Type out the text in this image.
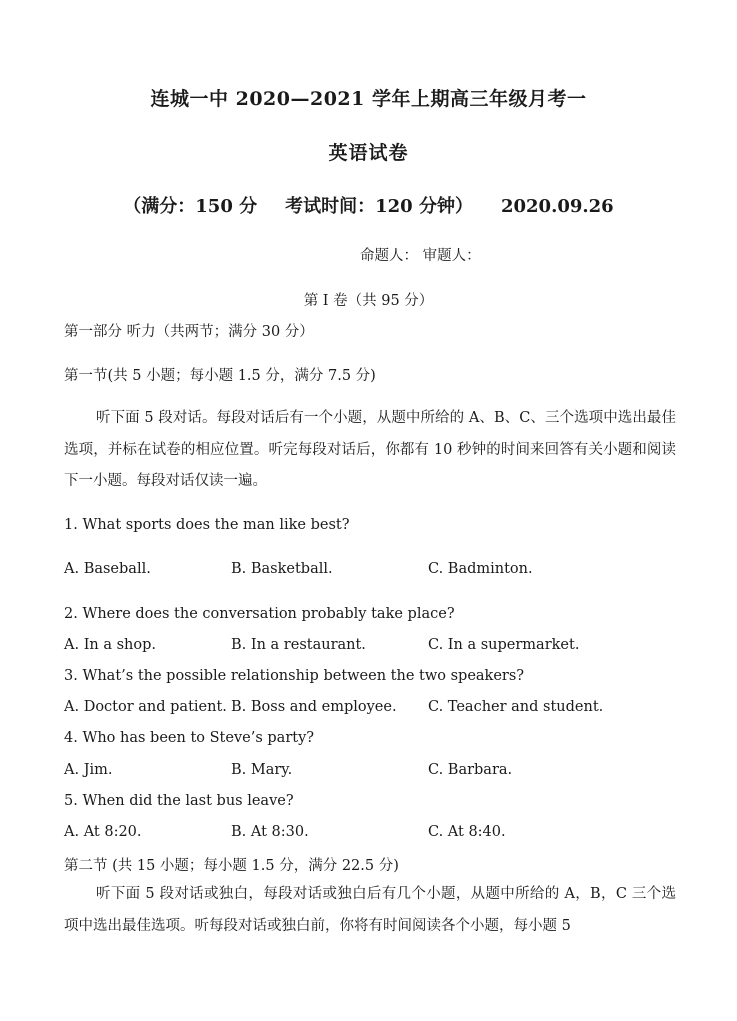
连城一中 2020—2021 学年上期高三年级月考一
英语试卷
（满分：150 分 考试时间：120 分钟） 2020.09.26
命题人： 审题人：
第 I 卷（共 95 分）
第一部分 听力（共两节；满分 30 分）
第一节(共 5 小题；每小题 1.5 分，满分 7.5 分)
听下面 5 段对话。每段对话后有一个小题，从题中所给的 A、B、C、三个选项中选出最佳选项，并标在试卷的相应位置。听完每段对话后，你都有 10 秒钟的时间来回答有关小题和阅读下一小题。每段对话仅读一遍。
1. What sports does the man like best?
A. Baseball.	B. Basketball.	C. Badminton.
2. Where does the conversation probably take place?
A. In a shop.	B. In a restaurant.	C. In a supermarket.
3. What’s the possible relationship between the two speakers?
A. Doctor and patient. B. Boss and employee. C. Teacher and student.
4. Who has been to Steve’s party?
A. Jim.	B. Mary.	C. Barbara.
5. When did the last bus leave?
A. At 8:20.	B. At 8:30.	C. At 8:40.
第二节 (共 15 小题；每小题 1.5 分，满分 22.5 分)
听下面 5 段对话或独白，每段对话或独白后有几个小题，从题中所给的 A，B，C 三个选项中选出最佳选项。听每段对话或独白前，你将有时间阅读各个小题，每小题 5
